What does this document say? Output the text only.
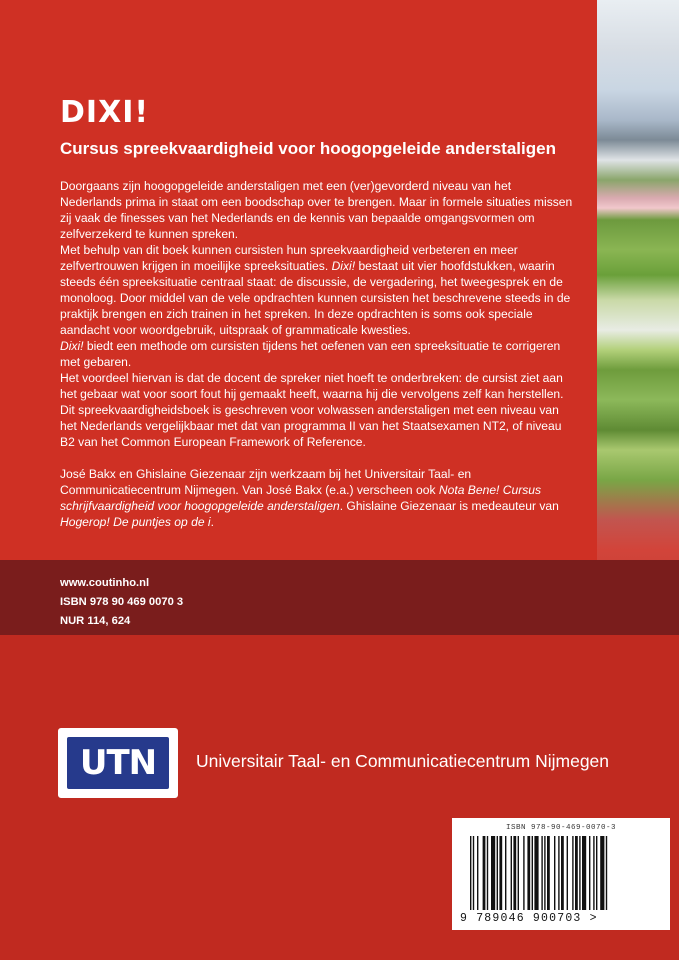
DIXI!
Cursus spreekvaardigheid voor hoogopgeleide anderstaligen

Doorgaans zijn hoogopgeleide anderstaligen met een (ver)gevorderd niveau van het Nederlands prima in staat om een boodschap over te brengen. Maar in formele situaties missen zij vaak de finesses van het Nederlands en de kennis van bepaalde omgangsvormen om zelfverzekerd te kunnen spreken.

Met behulp van dit boek kunnen cursisten hun spreekvaardigheid verbeteren en meer zelfvertrouwen krijgen in moeilijke spreeksituaties. Dixi! bestaat uit vier hoofdstukken, waarin steeds één spreeksituatie centraal staat: de discussie, de vergadering, het tweegesprek en de monoloog. Door middel van de vele opdrachten kunnen cursisten het beschrevene steeds in de praktijk brengen en zich trainen in het spreken. In deze opdrachten is soms ook speciale aandacht voor woordgebruik, uitspraak of grammaticale kwesties.

Dixi! biedt een methode om cursisten tijdens het oefenen van een spreeksituatie te corrigeren met gebaren.

Het voordeel hiervan is dat de docent de spreker niet hoeft te onderbreken: de cursist ziet aan het gebaar wat voor soort fout hij gemaakt heeft, waarna hij die vervolgens zelf kan herstellen.

Dit spreekvaardigheidsboek is geschreven voor volwassen anderstaligen met een niveau van het Nederlands vergelijkbaar met dat van programma II van het Staatsexamen NT2, of niveau B2 van het Common European Framework of Reference.

José Bakx en Ghislaine Giezenaar zijn werkzaam bij het Universitair Taal- en Communicatiecentrum Nijmegen. Van José Bakx (e.a.) verscheen ook Nota Bene! Cursus schrijfvaardigheid voor hoogopgeleide anderstaligen. Ghislaine Giezenaar is medeauteur van Hogerop! De puntjes op de i.

www.coutinho.nl
ISBN 978 90 469 0070 3
NUR 114, 624
UTN	Universitair Taal- en Communicatiecentrum Nijmegen
ISBN 978-90-469-0070-3
9 789046 900703 >
